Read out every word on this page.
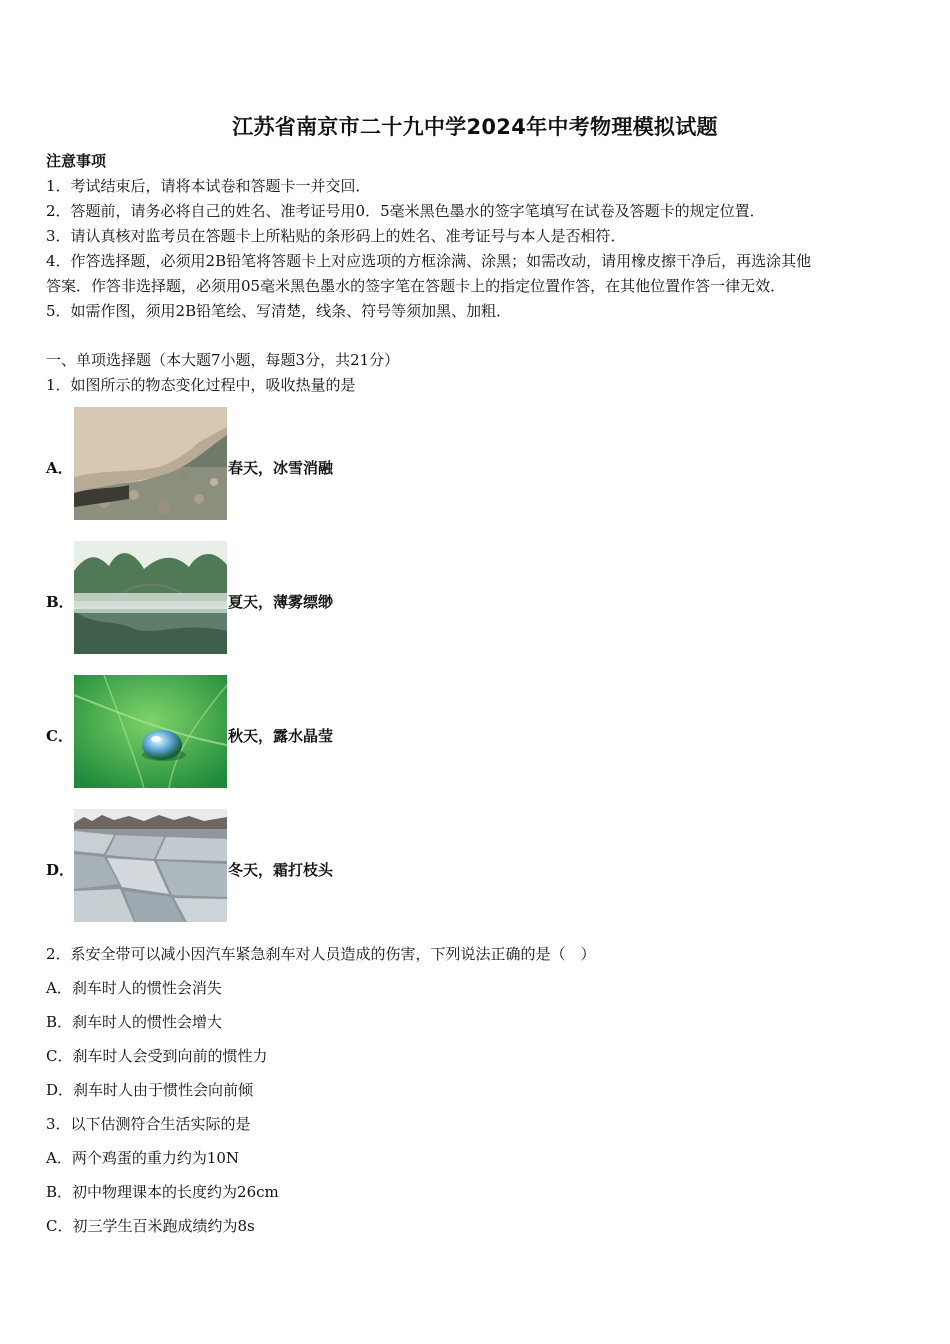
江苏省南京市二十九中学2024年中考物理模拟试题
注意事项
1．考试结束后，请将本试卷和答题卡一并交回．
2．答题前，请务必将自己的姓名、准考证号用0．5毫米黑色墨水的签字笔填写在试卷及答题卡的规定位置．
3．请认真核对监考员在答题卡上所粘贴的条形码上的姓名、准考证号与本人是否相符．
4．作答选择题，必须用2B铅笔将答题卡上对应选项的方框涂满、涂黑；如需改动，请用橡皮擦干净后，再选涂其他
答案．作答非选择题，必须用05毫米黑色墨水的签字笔在答题卡上的指定位置作答，在其他位置作答一律无效．
5．如需作图，须用2B铅笔绘、写清楚，线条、符号等须加黑、加粗．
一、单项选择题（本大题7小题，每题3分，共21分）
1．如图所示的物态变化过程中，吸收热量的是
A．	春天，冰雪消融
B．	夏天，薄雾缥缈
C．	秋天，露水晶莹
D．	冬天，霜打枝头
2．系安全带可以减小因汽车紧急刹车对人员造成的伤害，下列说法正确的是（　）
A．刹车时人的惯性会消失
B．刹车时人的惯性会增大
C．刹车时人会受到向前的惯性力
D．刹车时人由于惯性会向前倾
3．以下估测符合生活实际的是
A．两个鸡蛋的重力约为10N
B．初中物理课本的长度约为26cm
C．初三学生百米跑成绩约为8s
